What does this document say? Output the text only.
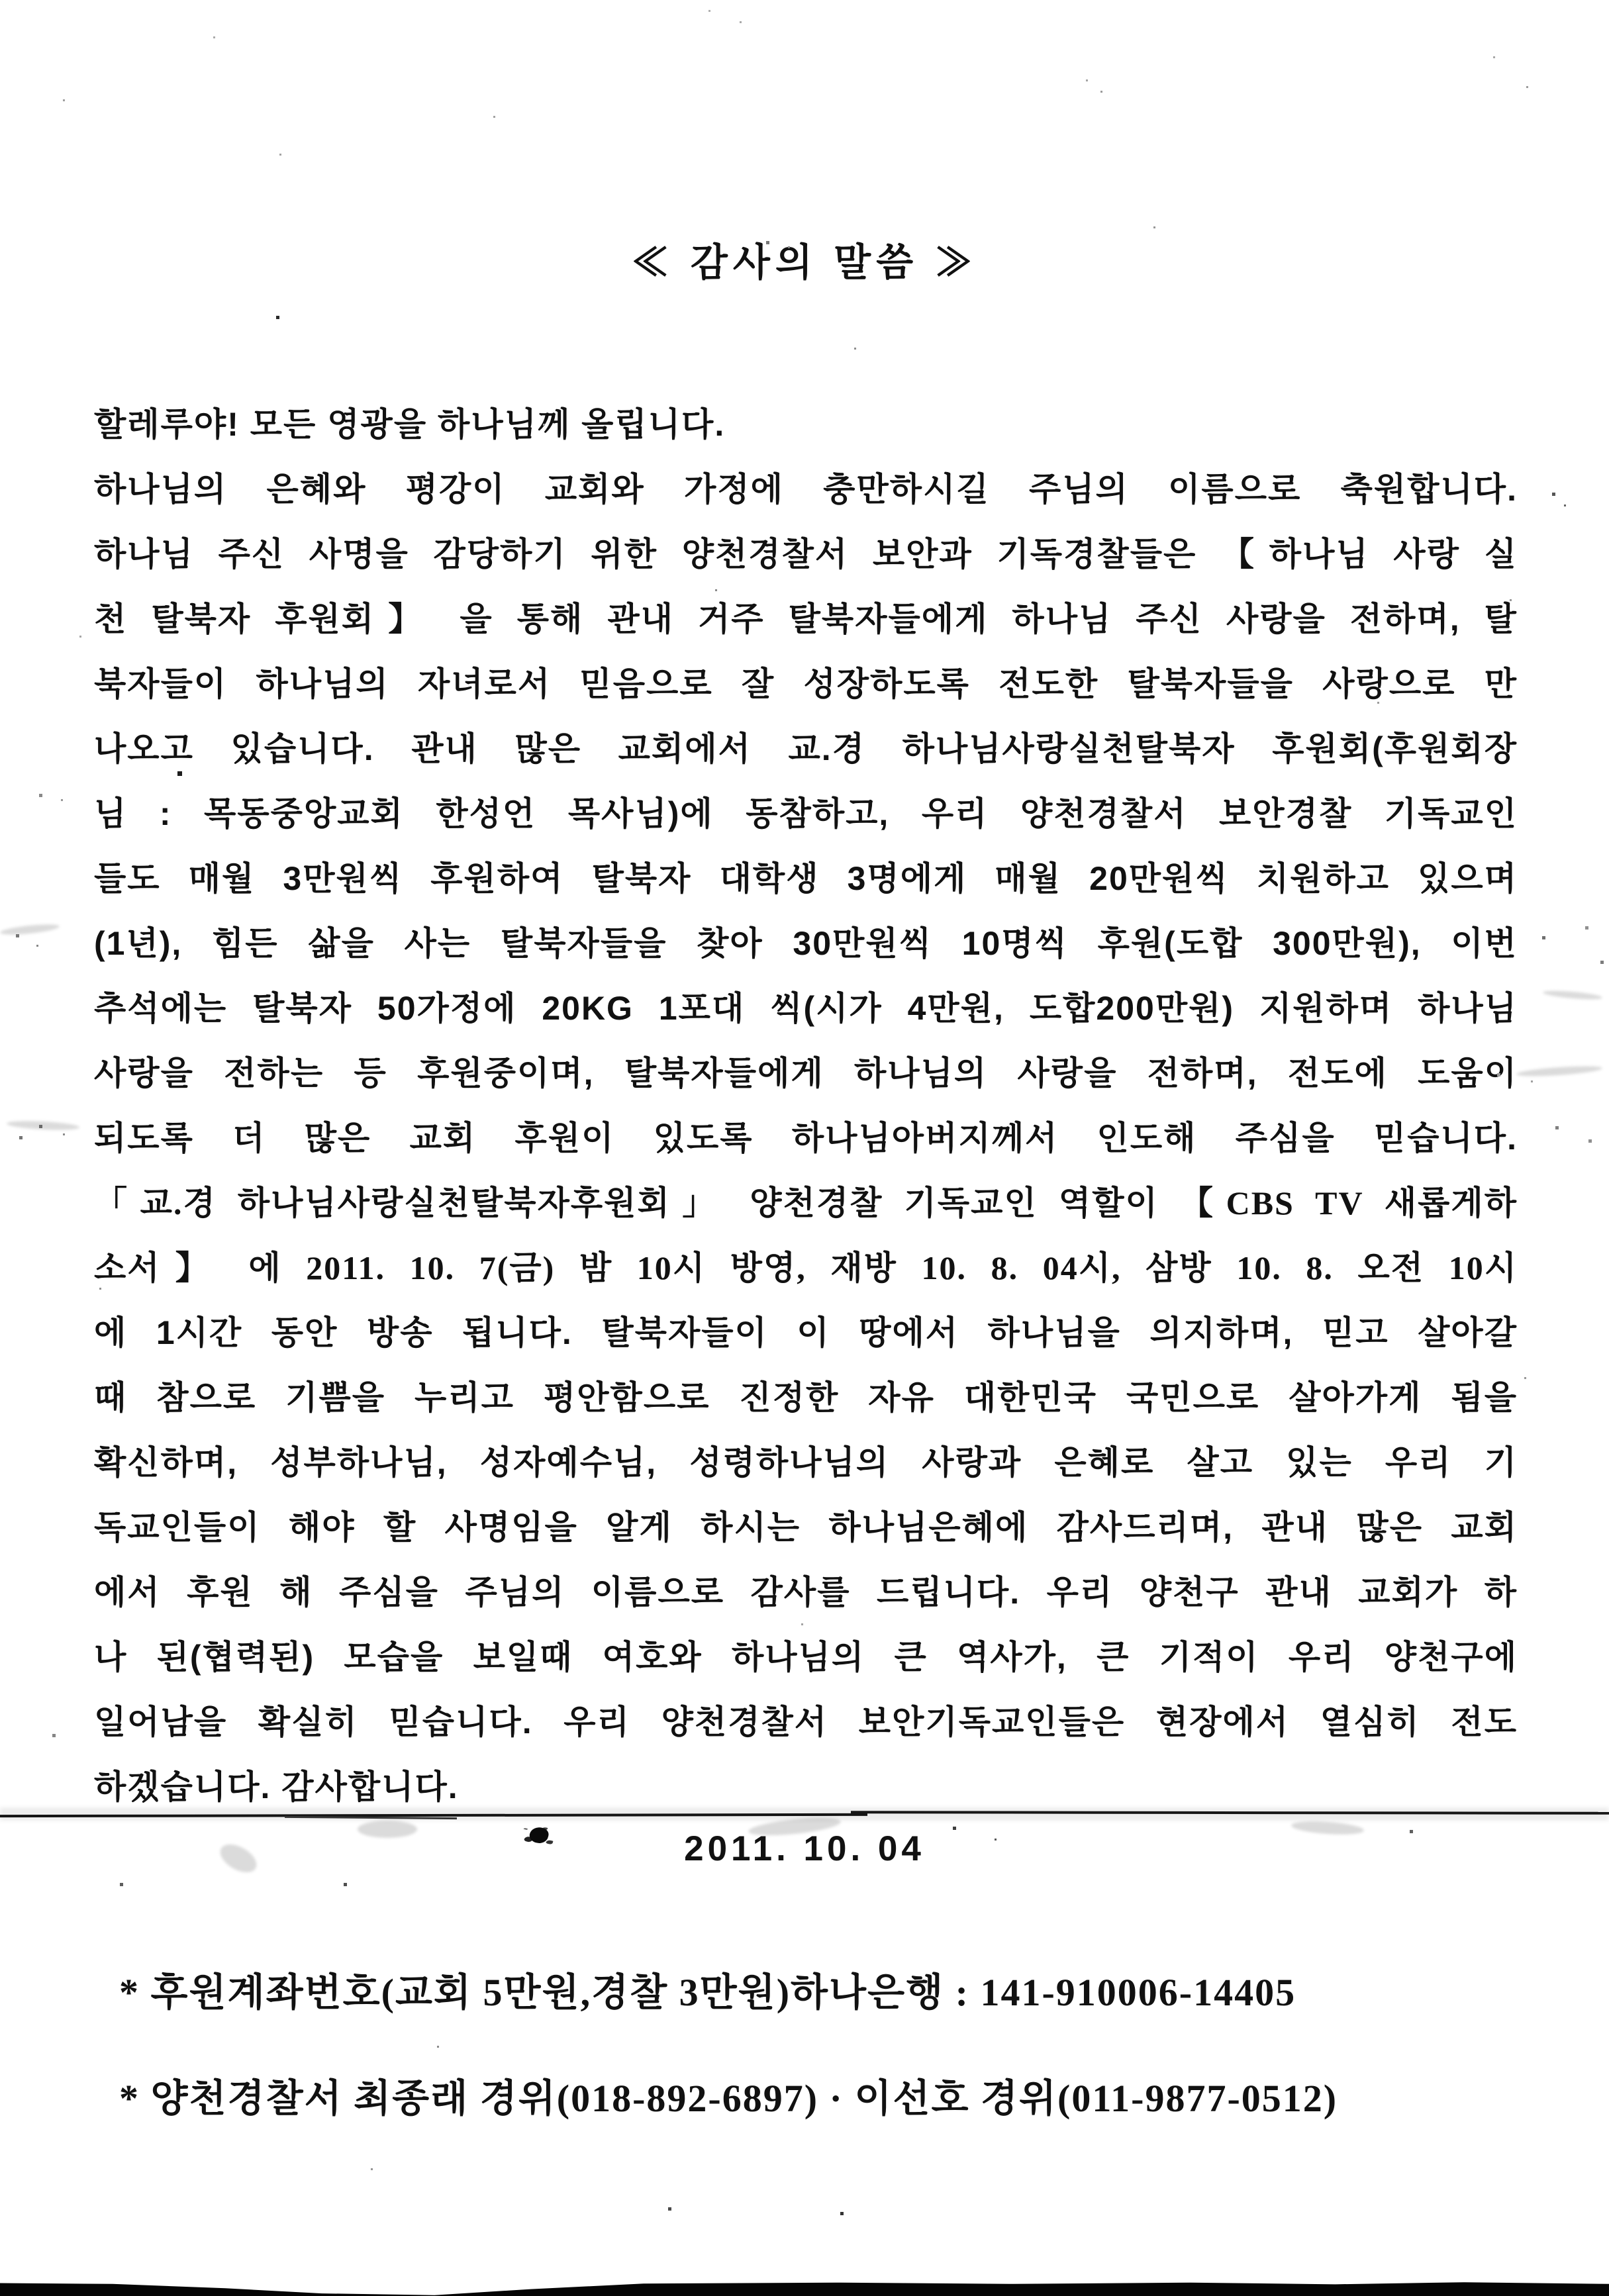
≪ 감사의 말씀 ≫
할레루야! 모든 영광을 하나님께 올립니다.
하나님의 은혜와 평강이 교회와 가정에 충만하시길 주님의 이름으로 축원합니다.
하나님 주신 사명을 감당하기 위한 양천경찰서 보안과 기독경찰들은 【하나님 사랑 실
천 탈북자 후원회】 을 통해 관내 거주 탈북자들에게 하나님 주신 사랑을 전하며, 탈
북자들이 하나님의 자녀로서 믿음으로 잘 성장하도록 전도한 탈북자들을 사랑으로 만
나오고 있습니다. 관내 많은 교회에서 교.경 하나님사랑실천탈북자 후원회(후원회장
님 : 목동중앙교회 한성언 목사님)에 동참하고, 우리 양천경찰서 보안경찰 기독교인
들도 매월 3만원씩 후원하여 탈북자 대학생 3명에게 매월 20만원씩 치원하고 있으며
(1년), 힘든 삶을 사는 탈북자들을 찾아 30만원씩 10명씩 후원(도합 300만원), 이번
추석에는 탈북자 50가정에 20KG 1포대 씩(시가 4만원, 도합200만원) 지원하며 하나님
사랑을 전하는 등 후원중이며, 탈북자들에게 하나님의 사랑을 전하며, 전도에 도움이
되도록 더 많은 교회 후원이 있도록 하나님아버지께서 인도해 주심을 믿습니다.
「교.경 하나님사랑실천탈북자후원회」 양천경찰 기독교인 역할이 【CBS TV 새롭게하
소서】 에 2011. 10. 7(금) 밤 10시 방영, 재방 10. 8. 04시, 삼방 10. 8. 오전 10시
에 1시간 동안 방송 됩니다. 탈북자들이 이 땅에서 하나님을 의지하며, 믿고 살아갈
때 참으로 기쁨을 누리고 평안함으로 진정한 자유 대한민국 국민으로 살아가게 됨을
확신하며, 성부하나님, 성자예수님, 성령하나님의 사랑과 은혜로 살고 있는 우리 기
독교인들이 해야 할 사명임을 알게 하시는 하나님은혜에 감사드리며, 관내 많은 교회
에서 후원 해 주심을 주님의 이름으로 감사를 드립니다. 우리 양천구 관내 교회가 하
나 된(협력된) 모습을 보일때 여호와 하나님의 큰 역사가, 큰 기적이 우리 양천구에
일어남을 확실히 믿습니다. 우리 양천경찰서 보안기독교인들은 현장에서 열심히 전도
하겠습니다. 감사합니다.
2011. 10. 04
* 후원계좌번호(교회 5만원,경찰 3만원)하나은행 : 141-910006-14405
* 양천경찰서 최종래 경위(018-892-6897) · 이선호 경위(011-9877-0512)
